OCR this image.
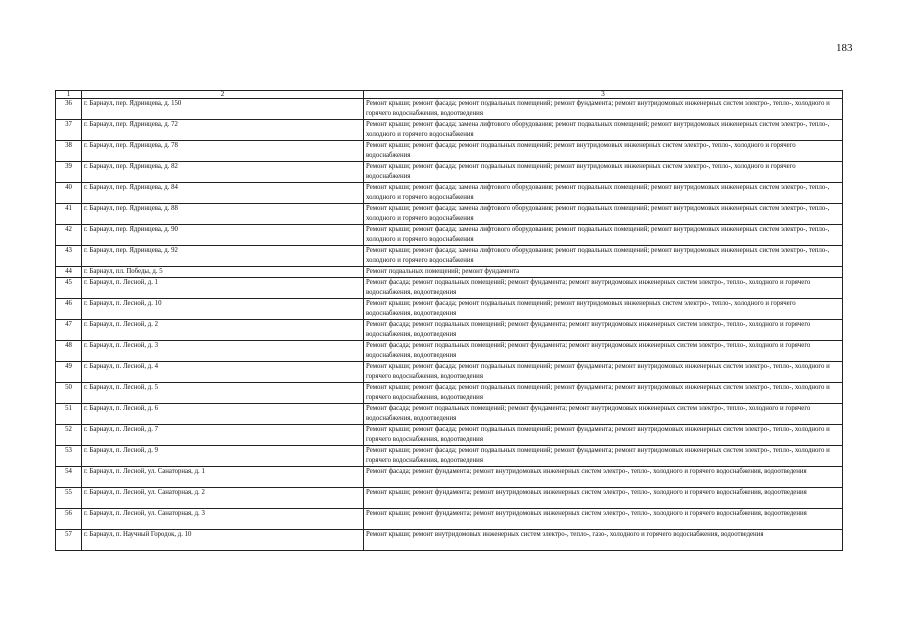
183
1	2	3
36	г. Барнаул, пер. Ядринцева, д. 150	Ремонт крыши; ремонт фасада; ремонт подвальных помещений; ремонт фундамента; ремонт внутридомовых инженерных систем электро-, тепло-, холодного и горячего водоснабжения, водоотведения
37	г. Барнаул, пер. Ядринцева, д. 72	Ремонт крыши; ремонт фасада; замена лифтового оборудования; ремонт подвальных помещений; ремонт внутридомовых инженерных систем электро-, тепло-, холодного и горячего водоснабжения
38	г. Барнаул, пер. Ядринцева, д. 78	Ремонт крыши; ремонт фасада; ремонт подвальных помещений; ремонт внутридомовых инженерных систем электро-, тепло-, холодного и горячего водоснабжения
39	г. Барнаул, пер. Ядринцева, д. 82	Ремонт крыши; ремонт фасада; ремонт подвальных помещений; ремонт внутридомовых инженерных систем электро-, тепло-, холодного и горячего водоснабжения
40	г. Барнаул, пер. Ядринцева, д. 84	Ремонт крыши; ремонт фасада; замена лифтового оборудования; ремонт подвальных помещений; ремонт внутридомовых инженерных систем электро-, тепло-, холодного и горячего водоснабжения
41	г. Барнаул, пер. Ядринцева, д. 88	Ремонт крыши; ремонт фасада; замена лифтового оборудования; ремонт подвальных помещений; ремонт внутридомовых инженерных систем электро-, тепло-, холодного и горячего водоснабжения
42	г. Барнаул, пер. Ядринцева, д. 90	Ремонт крыши; ремонт фасада; замена лифтового оборудования; ремонт подвальных помещений; ремонт внутридомовых инженерных систем электро-, тепло-, холодного и горячего водоснабжения
43	г. Барнаул, пер. Ядринцева, д. 92	Ремонт крыши; ремонт фасада; замена лифтового оборудования; ремонт подвальных помещений; ремонт внутридомовых инженерных систем электро-, тепло-, холодного и горячего водоснабжения
44	г. Барнаул, пл. Победы, д. 5	Ремонт подвальных помещений; ремонт фундамента
45	г. Барнаул, п. Лесной, д. 1	Ремонт фасада; ремонт подвальных помещений; ремонт фундамента; ремонт внутридомовых инженерных систем электро-, тепло-, холодного и горячего водоснабжения, водоотведения
46	г. Барнаул, п. Лесной, д. 10	Ремонт крыши; ремонт фасада; ремонт подвальных помещений; ремонт внутридомовых инженерных систем электро-, тепло-, холодного и горячего водоснабжения, водоотведения
47	г. Барнаул, п. Лесной, д. 2	Ремонт фасада; ремонт подвальных помещений; ремонт фундамента; ремонт внутридомовых инженерных систем электро-, тепло-, холодного и горячего водоснабжения, водоотведения
48	г. Барнаул, п. Лесной, д. 3	Ремонт фасада; ремонт подвальных помещений; ремонт фундамента; ремонт внутридомовых инженерных систем электро-, тепло-, холодного и горячего водоснабжения, водоотведения
49	г. Барнаул, п. Лесной, д. 4	Ремонт крыши; ремонт фасада; ремонт подвальных помещений; ремонт фундамента; ремонт внутридомовых инженерных систем электро-, тепло-, холодного и горячего водоснабжения, водоотведения
50	г. Барнаул, п. Лесной, д. 5	Ремонт крыши; ремонт фасада; ремонт подвальных помещений; ремонт фундамента; ремонт внутридомовых инженерных систем электро-, тепло-, холодного и горячего водоснабжения, водоотведения
51	г. Барнаул, п. Лесной, д. 6	Ремонт фасада; ремонт подвальных помещений; ремонт фундамента; ремонт внутридомовых инженерных систем электро-, тепло-, холодного и горячего водоснабжения, водоотведения
52	г. Барнаул, п. Лесной, д. 7	Ремонт крыши; ремонт фасада; ремонт подвальных помещений; ремонт фундамента; ремонт внутридомовых инженерных систем электро-, тепло-, холодного и горячего водоснабжения, водоотведения
53	г. Барнаул, п. Лесной, д. 9	Ремонт крыши; ремонт фасада; ремонт подвальных помещений; ремонт фундамента; ремонт внутридомовых инженерных систем электро-, тепло-, холодного и горячего водоснабжения, водоотведения
54	г. Барнаул, п. Лесной, ул. Санаторная, д. 1	Ремонт фасада; ремонт фундамента; ремонт внутридомовых инженерных систем электро-, тепло-, холодного и горячего водоснабжения, водоотведения
55	г. Барнаул, п. Лесной, ул. Санаторная, д. 2	Ремонт крыши; ремонт фундамента; ремонт внутридомовых инженерных систем электро-, тепло-, холодного и горячего водоснабжения, водоотведения
56	г. Барнаул, п. Лесной, ул. Санаторная, д. 3	Ремонт крыши; ремонт фундамента; ремонт внутридомовых инженерных систем электро-, тепло-, холодного и горячего водоснабжения, водоотведения
57	г. Барнаул, п. Научный Городок, д. 10	Ремонт крыши; ремонт внутридомовых инженерных систем электро-, тепло-, газо-, холодного и горячего водоснабжения, водоотведения
